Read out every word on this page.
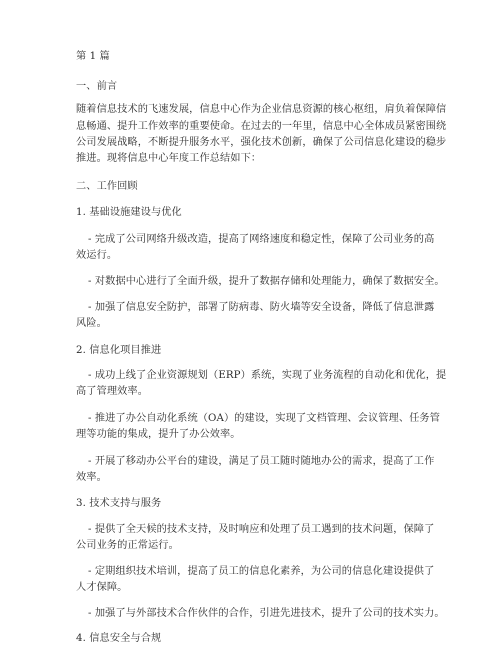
第 1 篇
一、前言
随着信息技术的飞速发展，信息中心作为企业信息资源的核心枢纽，肩负着保障信
息畅通、提升工作效率的重要使命。在过去的一年里，信息中心全体成员紧密围绕
公司发展战略，不断提升服务水平，强化技术创新，确保了公司信息化建设的稳步
推进。现将信息中心年度工作总结如下：
二、工作回顾
1. 基础设施建设与优化
- 完成了公司网络升级改造，提高了网络速度和稳定性，保障了公司业务的高
效运行。
- 对数据中心进行了全面升级，提升了数据存储和处理能力，确保了数据安全。
- 加强了信息安全防护，部署了防病毒、防火墙等安全设备，降低了信息泄露
风险。
2. 信息化项目推进
- 成功上线了企业资源规划（ERP）系统，实现了业务流程的自动化和优化，提
高了管理效率。
- 推进了办公自动化系统（OA）的建设，实现了文档管理、会议管理、任务管
理等功能的集成，提升了办公效率。
- 开展了移动办公平台的建设，满足了员工随时随地办公的需求，提高了工作
效率。
3. 技术支持与服务
- 提供了全天候的技术支持，及时响应和处理了员工遇到的技术问题，保障了
公司业务的正常运行。
- 定期组织技术培训，提高了员工的信息化素养，为公司的信息化建设提供了
人才保障。
- 加强了与外部技术合作伙伴的合作，引进先进技术，提升了公司的技术实力。
4. 信息安全与合规
